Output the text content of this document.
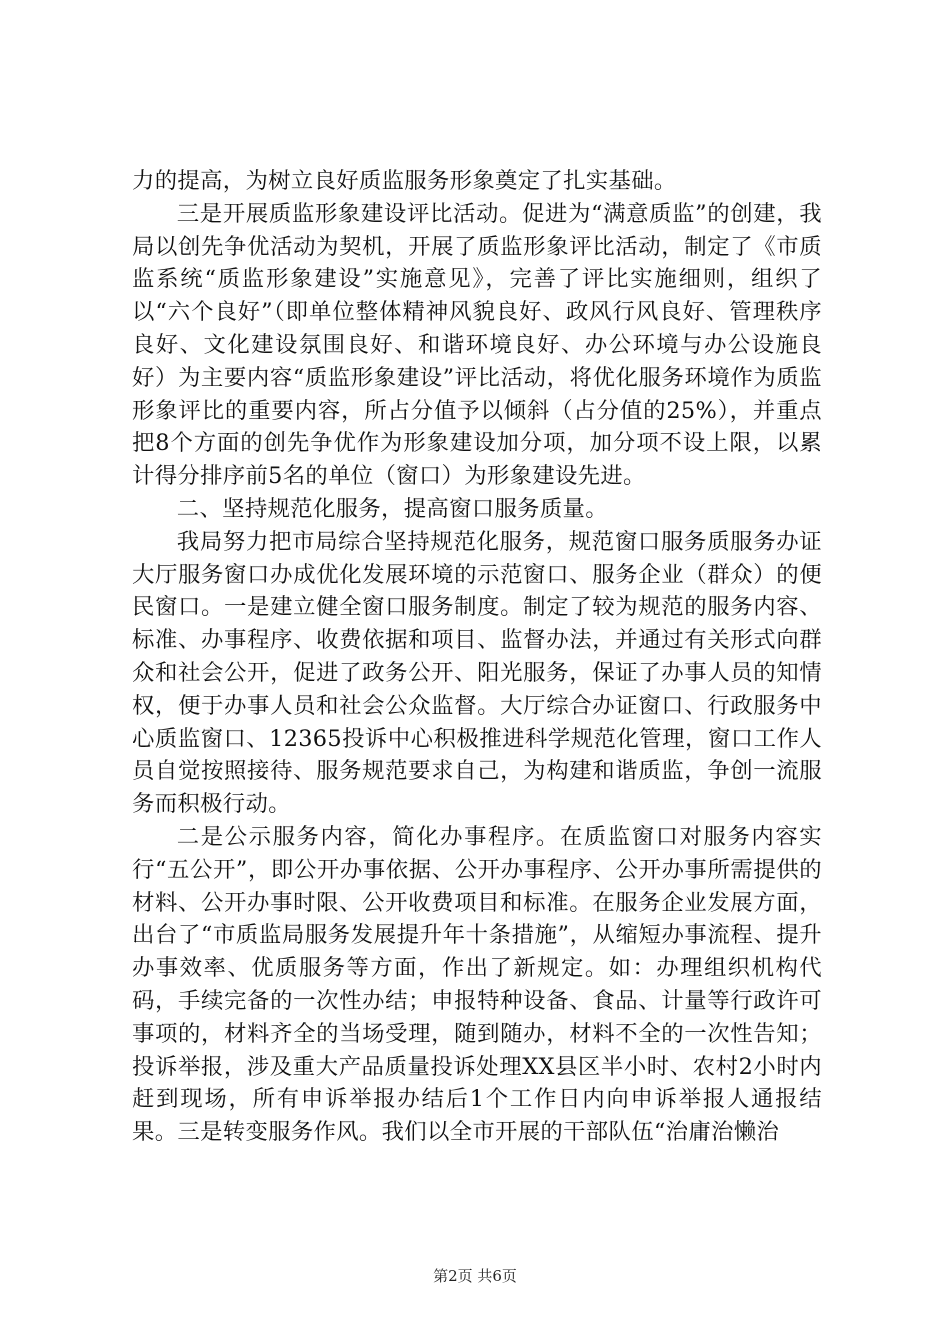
力的提高，为树立良好质监服务形象奠定了扎实基础。

三是开展质监形象建设评比活动。促进为“满意质监”的创建，我局以创先争优活动为契机，开展了质监形象评比活动，制定了《市质监系统“质监形象建设”实施意见》，完善了评比实施细则，组织了以“六个良好”（即单位整体精神风貌良好、政风行风良好、管理秩序良好、文化建设氛围良好、和谐环境良好、办公环境与办公设施良好）为主要内容“质监形象建设”评比活动，将优化服务环境作为质监形象评比的重要内容，所占分值予以倾斜（占分值的25%），并重点把8个方面的创先争优作为形象建设加分项，加分项不设上限，以累计得分排序前5名的单位（窗口）为形象建设先进。

二、坚持规范化服务，提高窗口服务质量。

我局努力把市局综合坚持规范化服务，规范窗口服务质服务办证大厅服务窗口办成优化发展环境的示范窗口、服务企业（群众）的便民窗口。一是建立健全窗口服务制度。制定了较为规范的服务内容、标准、办事程序、收费依据和项目、监督办法，并通过有关形式向群众和社会公开，促进了政务公开、阳光服务，保证了办事人员的知情权，便于办事人员和社会公众监督。大厅综合办证窗口、行政服务中心质监窗口、12365投诉中心积极推进科学规范化管理，窗口工作人员自觉按照接待、服务规范要求自己，为构建和谐质监，争创一流服务而积极行动。

二是公示服务内容，简化办事程序。在质监窗口对服务内容实行“五公开”，即公开办事依据、公开办事程序、公开办事所需提供的材料、公开办事时限、公开收费项目和标准。在服务企业发展方面，出台了“市质监局服务发展提升年十条措施”，从缩短办事流程、提升办事效率、优质服务等方面，作出了新规定。如：办理组织机构代码，手续完备的一次性办结；申报特种设备、食品、计量等行政许可事项的，材料齐全的当场受理，随到随办，材料不全的一次性告知；投诉举报，涉及重大产品质量投诉处理XX县区半小时、农村2小时内赶到现场，所有申诉举报办结后1个工作日内向申诉举报人通报结果。三是转变服务作风。我们以全市开展的干部队伍“治庸治懒治

第2页 共6页
